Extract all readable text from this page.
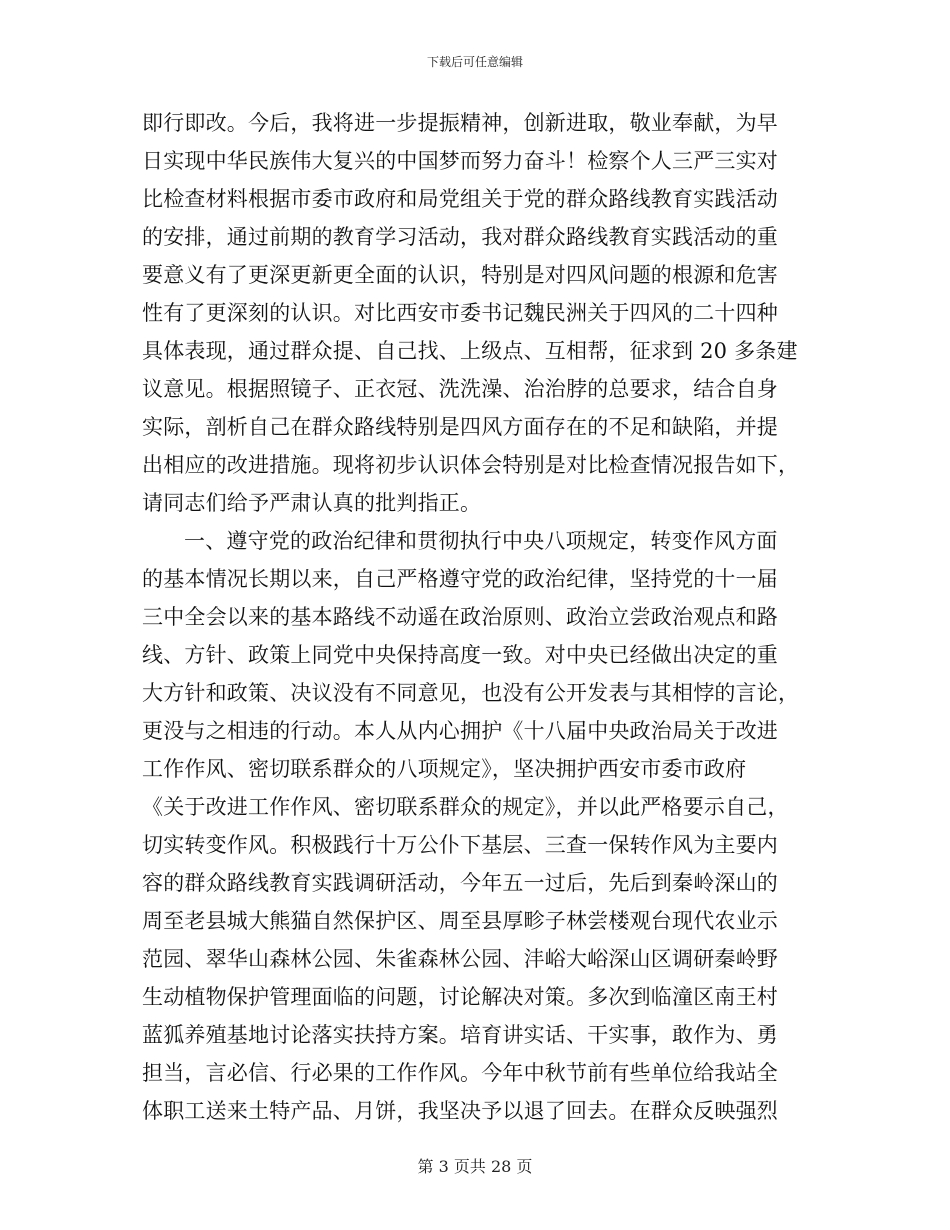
下载后可任意编辑
即行即改。今后，我将进一步提振精神，创新进取，敬业奉献，为早
日实现中华民族伟大复兴的中国梦而努力奋斗！检察个人三严三实对
比检查材料根据市委市政府和局党组关于党的群众路线教育实践活动
的安排，通过前期的教育学习活动，我对群众路线教育实践活动的重
要意义有了更深更新更全面的认识，特别是对四风问题的根源和危害
性有了更深刻的认识。对比西安市委书记魏民洲关于四风的二十四种
具体表现，通过群众提、自己找、上级点、互相帮，征求到 20 多条建
议意见。根据照镜子、正衣冠、洗洗澡、治治脖的总要求，结合自身
实际，剖析自己在群众路线特别是四风方面存在的不足和缺陷，并提
出相应的改进措施。现将初步认识体会特别是对比检查情况报告如下，
请同志们给予严肃认真的批判指正。
一、遵守党的政治纪律和贯彻执行中央八项规定，转变作风方面
的基本情况长期以来，自己严格遵守党的政治纪律，坚持党的十一届
三中全会以来的基本路线不动遥在政治原则、政治立尝政治观点和路
线、方针、政策上同党中央保持高度一致。对中央已经做出决定的重
大方针和政策、决议没有不同意见，也没有公开发表与其相悖的言论，
更没与之相违的行动。本人从内心拥护《十八届中央政治局关于改进
工作作风、密切联系群众的八项规定》，坚决拥护西安市委市政府
《关于改进工作作风、密切联系群众的规定》，并以此严格要示自己，
切实转变作风。积极践行十万公仆下基层、三查一保转作风为主要内
容的群众路线教育实践调研活动，今年五一过后，先后到秦岭深山的
周至老县城大熊猫自然保护区、周至县厚畛子林尝楼观台现代农业示
范园、翠华山森林公园、朱雀森林公园、沣峪大峪深山区调研秦岭野
生动植物保护管理面临的问题，讨论解决对策。多次到临潼区南王村
蓝狐养殖基地讨论落实扶持方案。培育讲实话、干实事，敢作为、勇
担当，言必信、行必果的工作作风。今年中秋节前有些单位给我站全
体职工送来土特产品、月饼，我坚决予以退了回去。在群众反映强烈
第 3 页共 28 页
